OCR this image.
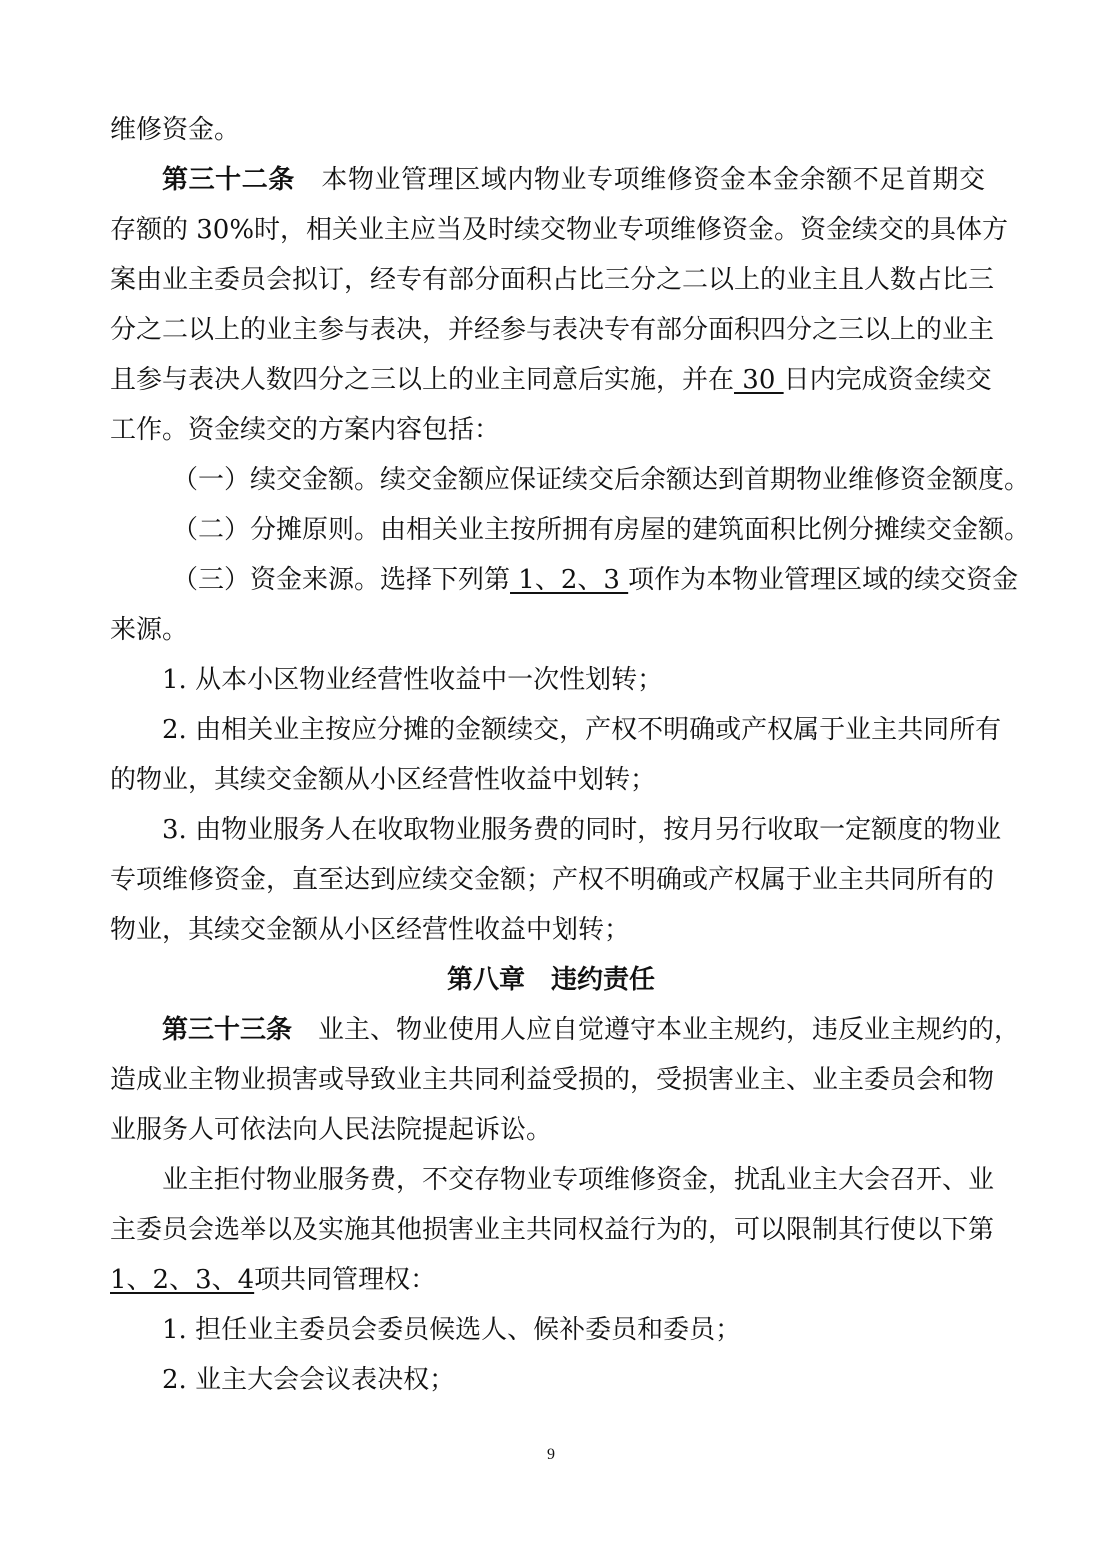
维修资金。
第三十二条　 本物业管理区域内物业专项维修资金本金余额不足首期交
存额的 30%时，相关业主应当及时续交物业专项维修资金。资金续交的具体方
案由业主委员会拟订，经专有部分面积占比三分之二以上的业主且人数占比三
分之二以上的业主参与表决，并经参与表决专有部分面积四分之三以上的业主
且参与表决人数四分之三以上的业主同意后实施，并在 30 日内完成资金续交
工作。资金续交的方案内容包括：
（一）续交金额。续交金额应保证续交后余额达到首期物业维修资金额度。
（二）分摊原则。由相关业主按所拥有房屋的建筑面积比例分摊续交金额。
（三）资金来源。选择下列第 1、2、3 项作为本物业管理区域的续交资金
来源。
1. 从本小区物业经营性收益中一次性划转；
2. 由相关业主按应分摊的金额续交，产权不明确或产权属于业主共同所有
的物业，其续交金额从小区经营性收益中划转；
3. 由物业服务人在收取物业服务费的同时，按月另行收取一定额度的物业
专项维修资金，直至达到应续交金额；产权不明确或产权属于业主共同所有的
物业，其续交金额从小区经营性收益中划转；
第八章　违约责任
第三十三条　 业主、物业使用人应自觉遵守本业主规约，违反业主规约的，
造成业主物业损害或导致业主共同利益受损的，受损害业主、业主委员会和物
业服务人可依法向人民法院提起诉讼。
业主拒付物业服务费，不交存物业专项维修资金，扰乱业主大会召开、业
主委员会选举以及实施其他损害业主共同权益行为的，可以限制其行使以下第
1、2、3、4项共同管理权：
1. 担任业主委员会委员候选人、候补委员和委员；
2. 业主大会会议表决权；
9
